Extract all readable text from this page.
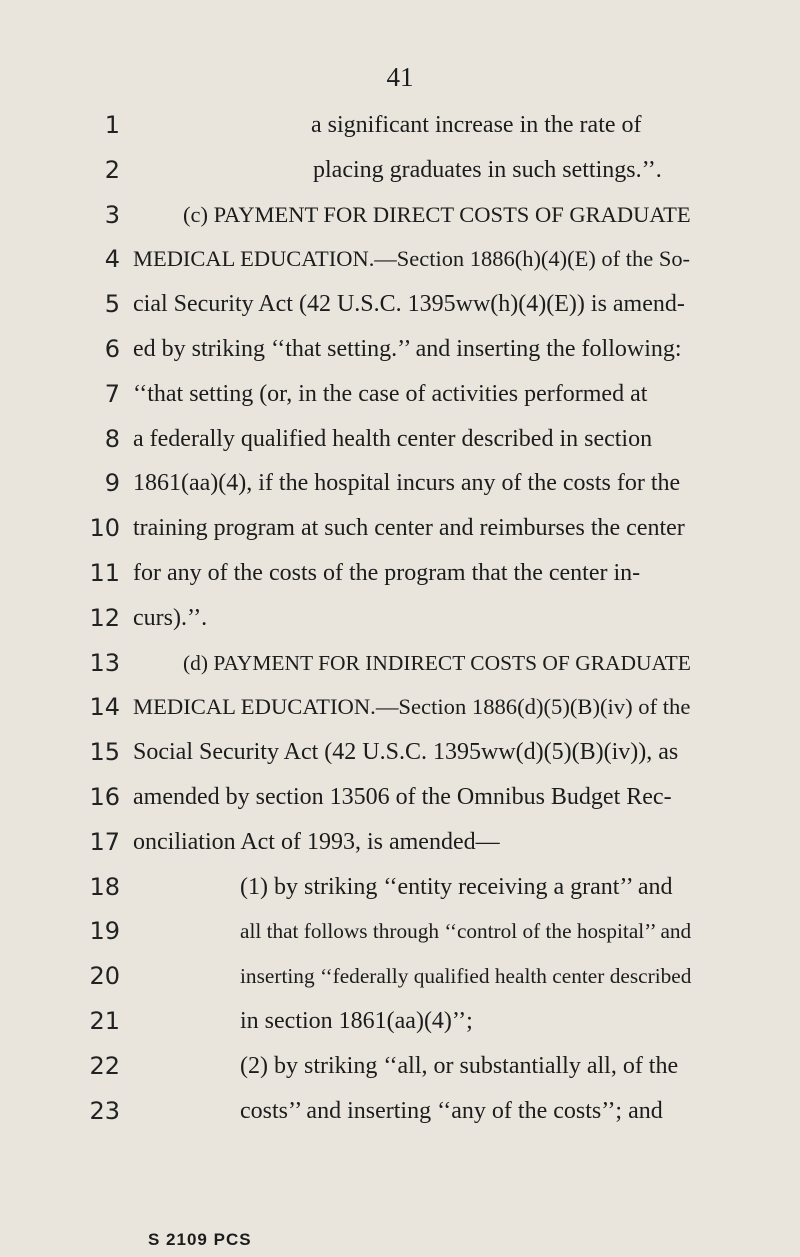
41
1
2
3
4
5
6
7
8
9
10
11
12
13
14
15
16
17
18
19
20
21
22
23
a significant increase in the rate of
placing graduates in such settings.’’.
(c) PAYMENT FOR DIRECT COSTS OF GRADUATE
MEDICAL EDUCATION.—Section 1886(h)(4)(E) of the So-
cial Security Act (42 U.S.C. 1395ww(h)(4)(E)) is amend-
ed by striking ‘‘that setting.’’ and inserting the following:
‘‘that setting (or, in the case of activities performed at
a federally qualified health center described in section
1861(aa)(4), if the hospital incurs any of the costs for the
training program at such center and reimburses the center
for any of the costs of the program that the center in-
curs).’’.
(d) PAYMENT FOR INDIRECT COSTS OF GRADUATE
MEDICAL EDUCATION.—Section 1886(d)(5)(B)(iv) of the
Social Security Act (42 U.S.C. 1395ww(d)(5)(B)(iv)), as
amended by section 13506 of the Omnibus Budget Rec-
onciliation Act of 1993, is amended—
(1) by striking ‘‘entity receiving a grant’’ and
all that follows through ‘‘control of the hospital’’ and
inserting ‘‘federally qualified health center described
in section 1861(aa)(4)’’;
(2) by striking ‘‘all, or substantially all, of the
costs’’ and inserting ‘‘any of the costs’’; and
S 2109 PCS
